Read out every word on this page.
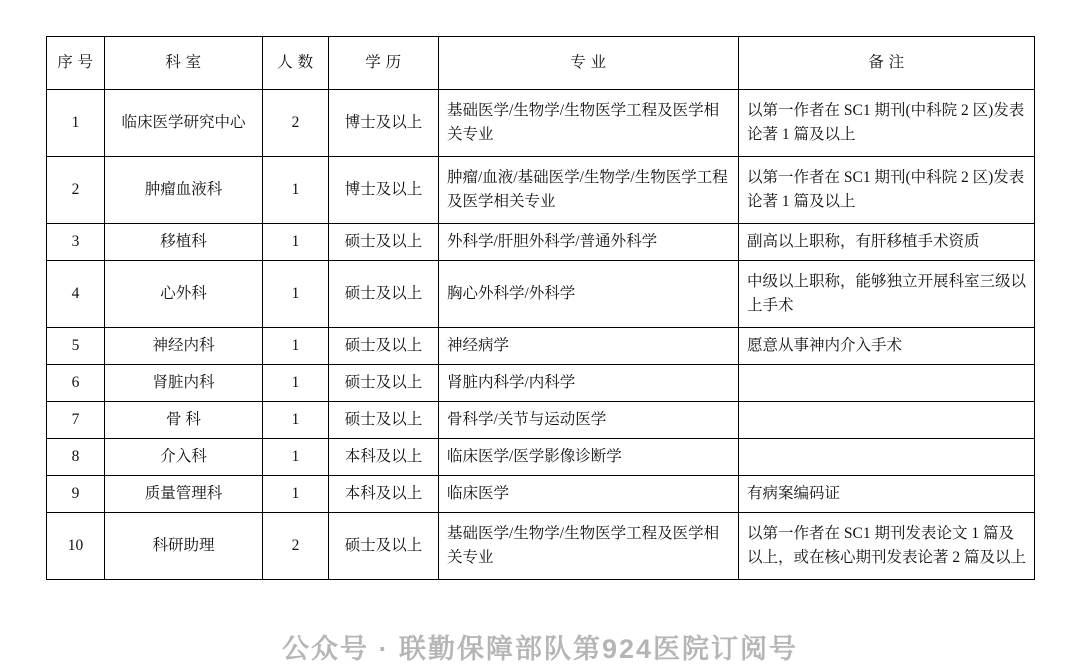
序 号	科 室	人 数	学 历	专 业	备 注
1	临床医学研究中心	2	博士及以上	基础医学/生物学/生物医学工程及医学相关专业	以第一作者在 SC1 期刊(中科院 2 区)发表论著 1 篇及以上
2	肿瘤血液科	1	博士及以上	肿瘤/血液/基础医学/生物学/生物医学工程及医学相关专业	以第一作者在 SC1 期刊(中科院 2 区)发表论著 1 篇及以上
3	移植科	1	硕士及以上	外科学/肝胆外科学/普通外科学	副高以上职称，有肝移植手术资质
4	心外科	1	硕士及以上	胸心外科学/外科学	中级以上职称，能够独立开展科室三级以上手术
5	神经内科	1	硕士及以上	神经病学	愿意从事神内介入手术
6	肾脏内科	1	硕士及以上	肾脏内科学/内科学	
7	骨 科	1	硕士及以上	骨科学/关节与运动医学	
8	介入科	1	本科及以上	临床医学/医学影像诊断学	
9	质量管理科	1	本科及以上	临床医学	有病案编码证
10	科研助理	2	硕士及以上	基础医学/生物学/生物医学工程及医学相关专业	以第一作者在 SC1 期刊发表论文 1 篇及以上，或在核心期刊发表论著 2 篇及以上
公众号 · 联勤保障部队第924医院订阅号
